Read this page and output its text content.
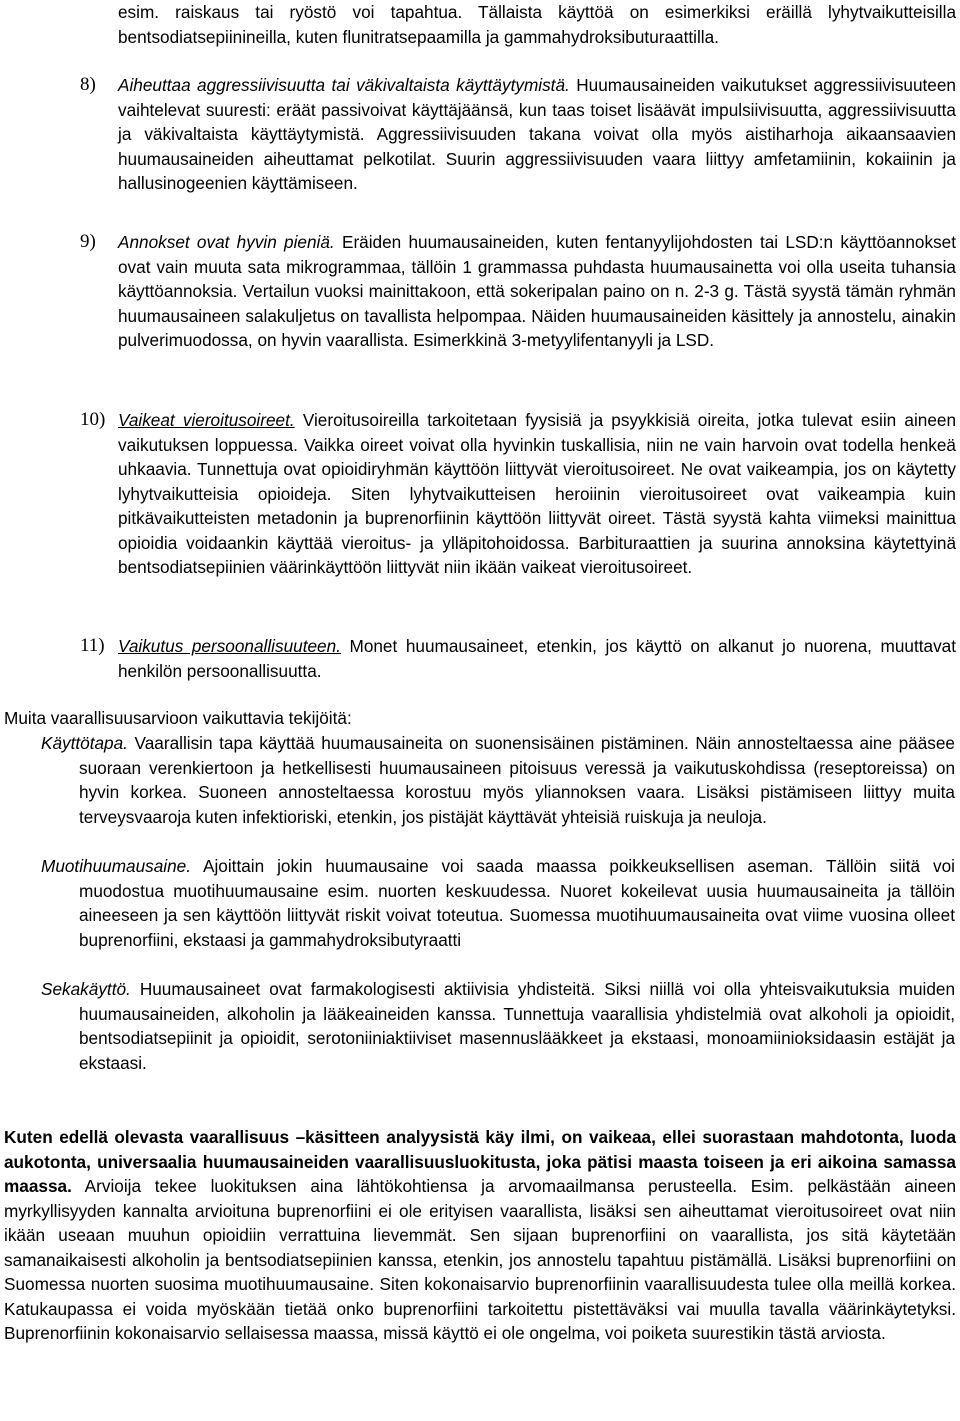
esim. raiskaus tai ryöstö voi tapahtua. Tällaista käyttöä on esimerkiksi eräillä lyhytvaikutteisilla bentsodiatsepiinineilla, kuten flunitratsepaamilla ja gammahydroksibuturaattilla.
8)	Aiheuttaa aggressiivisuutta tai väkivaltaista käyttäytymistä. Huumausaineiden vaikutukset aggressiivisuuteen vaihtelevat suuresti: eräät passivoivat käyttäjäänsä, kun taas toiset lisäävät impulsiivisuutta, aggressiivisuutta ja väkivaltaista käyttäytymistä. Aggressiivisuuden takana voivat olla myös aistiharhoja aikaansaavien huumausaineiden aiheuttamat pelkotilat. Suurin aggressiivisuuden vaara liittyy amfetamiinin, kokaiinin ja hallusinogeenien käyttämiseen.
9)	Annokset ovat hyvin pieniä. Eräiden huumausaineiden, kuten fentanyylijohdosten tai LSD:n käyttöannokset ovat vain muuta sata mikrogrammaa, tällöin 1 grammassa puhdasta huumausainetta voi olla useita tuhansia käyttöannoksia. Vertailun vuoksi mainittakoon, että sokeripalan paino on n. 2-3 g. Tästä syystä tämän ryhmän huumausaineen salakuljetus on tavallista helpompaa. Näiden huumausaineiden käsittely ja annostelu, ainakin pulverimuodossa, on hyvin vaarallista. Esimerkkinä 3-metyylifentanyyli ja LSD.
10) Vaikeat vieroitusoireet. Vieroitusoireilla tarkoitetaan fyysisiä ja psyykkisiä oireita, jotka tulevat esiin aineen vaikutuksen loppuessa. Vaikka oireet voivat olla hyvinkin tuskallisia, niin ne vain harvoin ovat todella henkeä uhkaavia. Tunnettuja ovat opioidiryhmän käyttöön liittyvät vieroitusoireet. Ne ovat vaikeampia, jos on käytetty lyhytvaikutteisia opioideja. Siten lyhytvaikutteisen heroiinin vieroitusoireet ovat vaikeampia kuin pitkävaikutteisten metadonin ja buprenorfiinin käyttöön liittyvät oireet. Tästä syystä kahta viimeksi mainittua opioidia voidaankin käyttää vieroitus- ja ylläpitohoidossa. Barbituraattien ja suurina annoksina käytettyinä bentsodiatsepiinien väärinkäyttöön liittyvät niin ikään vaikeat vieroitusoireet.
11) Vaikutus persoonallisuuteen. Monet huumausaineet, etenkin, jos käyttö on alkanut jo nuorena, muuttavat henkilön persoonallisuutta.
Muita vaarallisuusarvioon vaikuttavia tekijöitä:
Käyttötapa. Vaarallisin tapa käyttää huumausaineita on suonensisäinen pistäminen. Näin annosteltaessa aine pääsee suoraan verenkiertoon ja hetkellisesti huumausaineen pitoisuus veressä ja vaikutuskohdissa (reseptoreissa) on hyvin korkea. Suoneen annosteltaessa korostuu myös yliannoksen vaara. Lisäksi pistämiseen liittyy muita terveysvaaroja kuten infektioriski, etenkin, jos pistäjät käyttävät yhteisiä ruiskuja ja neuloja.
Muotihuumausaine. Ajoittain jokin huumausaine voi saada maassa poikkeuksellisen aseman. Tällöin siitä voi muodostua muotihuumausaine esim. nuorten keskuudessa. Nuoret kokeilevat uusia huumausaineita ja tällöin aineeseen ja sen käyttöön liittyvät riskit voivat toteutua. Suomessa muotihuumausaineita ovat viime vuosina olleet buprenorfiini, ekstaasi ja gammahydroksibutyraatti
Sekakäyttö. Huumausaineet ovat farmakologisesti aktiivisia yhdisteitä. Siksi niillä voi olla yhteisvaikutuksia muiden huumausaineiden, alkoholin ja lääkeaineiden kanssa. Tunnettuja vaarallisia yhdistelmiä ovat alkoholi ja opioidit, bentsodiatsepiinit ja opioidit, serotoniiniaktiiviset masennuslääkkeet ja ekstaasi, monoamiinioksidaasin estäjät ja ekstaasi.
Kuten edellä olevasta vaarallisuus –käsitteen analyysistä käy ilmi, on vaikeaa, ellei suorastaan mahdotonta, luoda aukotonta, universaalia huumausaineiden vaarallisuusluokitusta, joka pätisi maasta toiseen ja eri aikoina samassa maassa. Arvioija tekee luokituksen aina lähtökohtiensa ja arvomaailmansa perusteella. Esim. pelkästään aineen myrkyllisyyden kannalta arvioituna buprenorfiini ei ole erityisen vaarallista, lisäksi sen aiheuttamat vieroitusoireet ovat niin ikään useaan muuhun opioidiin verrattuina lievemmät. Sen sijaan buprenorfiini on vaarallista, jos sitä käytetään samanaikaisesti alkoholin ja bentsodiatsepiinien kanssa, etenkin, jos annostelu tapahtuu pistämällä. Lisäksi buprenorfiini on Suomessa nuorten suosima muotihuumausaine. Siten kokonaisarvio buprenorfiinin vaarallisuudesta tulee olla meillä korkea. Katukaupassa ei voida myöskään tietää onko buprenorfiini tarkoitettu pistettäväksi vai muulla tavalla väärinkäytetyksi. Buprenorfiinin kokonaisarvio sellaisessa maassa, missä käyttö ei ole ongelma, voi poiketa suurestikin tästä arviosta.
